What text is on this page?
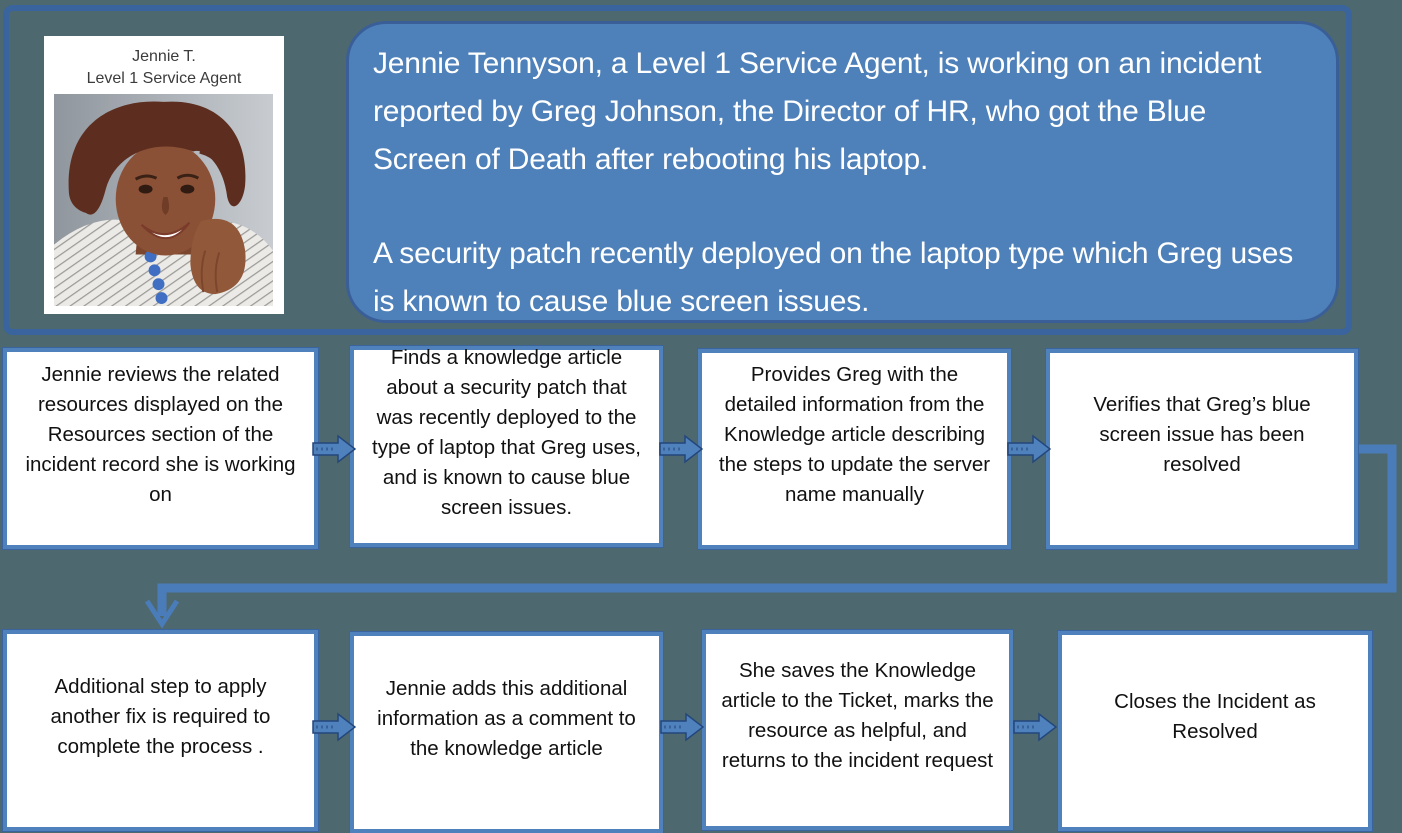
Jennie T.
Level 1 Service Agent	Jennie Tennyson, a Level 1 Service Agent, is working on an incident reported by Greg Johnson, the Director of HR, who got the Blue Screen of Death after rebooting his laptop.

A security patch recently deployed on the laptop type which Greg uses is known to cause blue screen issues.

Jennie reviews the related resources displayed on the Resources section of the incident record she is working on
Finds a knowledge article about a security patch that was recently deployed to the type of laptop that Greg uses, and is known to cause blue screen issues.
Provides Greg with the detailed information from the Knowledge article describing the steps to update the server name manually
Verifies that Greg’s blue screen issue has been resolved
Additional step to apply another fix is required to complete the process .
Jennie adds this additional information as a comment to the knowledge article
She saves the Knowledge article to the Ticket, marks the resource as helpful, and returns to the incident request
Closes the Incident as Resolved
